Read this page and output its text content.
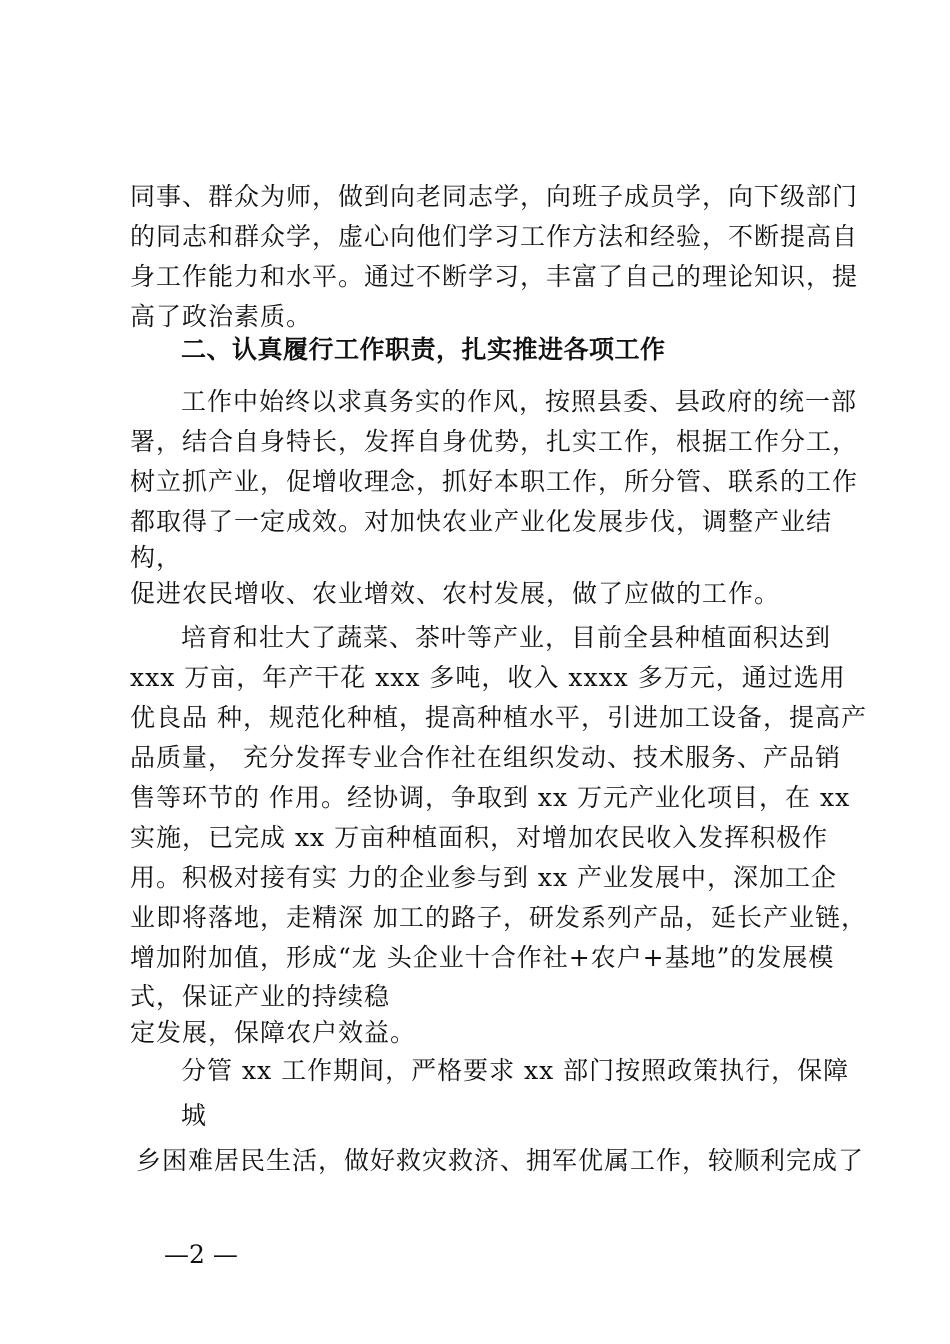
同事、群众为师，做到向老同志学，向班子成员学，向下级部门
的同志和群众学，虚心向他们学习工作方法和经验，不断提高自
身工作能力和水平。通过不断学习，丰富了自己的理论知识，提
高了政治素质。
二、认真履行工作职责，扎实推进各项工作
工作中始终以求真务实的作风，按照县委、县政府的统一部
署，结合自身特长，发挥自身优势，扎实工作，根据工作分工，
树立抓产业，促增收理念，抓好本职工作，所分管、联系的工作
都取得了一定成效。对加快农业产业化发展步伐，调整产业结
构，
促进农民增收、农业增效、农村发展，做了应做的工作。
培育和壮大了蔬菜、茶叶等产业，目前全县种植面积达到
xxx 万亩，年产干花 xxx 多吨，收入 xxxx 多万元，通过选用
优良品 种，规范化种植，提高种植水平，引进加工设备，提高产
品质量， 充分发挥专业合作社在组织发动、技术服务、产品销
售等环节的 作用。经协调，争取到 xx 万元产业化项目，在 xx
实施，已完成 xx 万亩种植面积，对增加农民收入发挥积极作
用。积极对接有实 力的企业参与到 xx 产业发展中，深加工企
业即将落地，走精深 加工的路子，研发系列产品，延长产业链，
增加附加值，形成“龙 头企业十合作社+农户+基地”的发展模
式，保证产业的持续稳
定发展，保障农户效益。
分管 xx 工作期间，严格要求 xx 部门按照政策执行，保障
城
乡困难居民生活，做好救灾救济、拥军优属工作，较顺利完成了
—2 —
